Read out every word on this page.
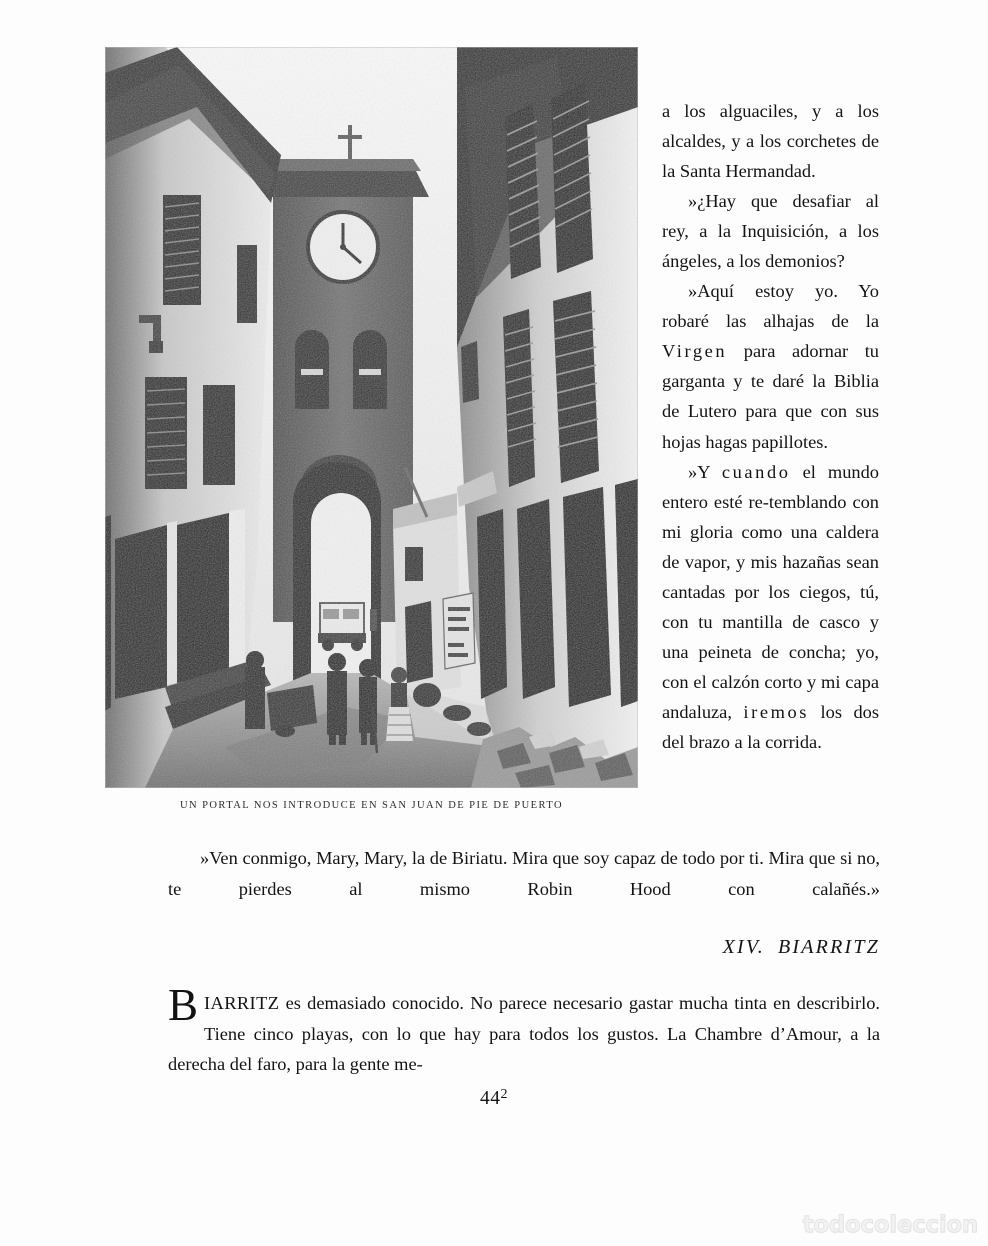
UN PORTAL NOS INTRODUCE EN SAN JUAN DE PIE DE PUERTO

a los alguaciles, y a los alcaldes, y a los corchetes de la Santa Hermandad.

»¿Hay que desafiar al rey, a la Inquisición, a los ángeles, a los demonios?

»Aquí estoy yo. Yo robaré las alhajas de la Virgen para adornar tu garganta y te daré la Biblia de Lutero para que con sus hojas hagas papillotes.

»Y cuando el mundo entero esté re-temblando con mi gloria como una caldera de vapor, y mis hazañas sean cantadas por los ciegos, tú, con tu mantilla de casco y una peineta de concha; yo, con el calzón corto y mi capa andaluza, iremos los dos del brazo a la corrida.

»Ven conmigo, Mary, Mary, la de Biriatu. Mira que soy capaz de todo por ti. Mira que si no, te pierdes al mismo Robin Hood con calañés.»
XIV. BIARRITZ
BIARRITZ es demasiado conocido. No parece necesario gastar mucha tinta en describirlo. Tiene cinco playas, con lo que hay para todos los gustos. La Chambre d’Amour, a la derecha del faro, para la gente me-
$44^2$
todocoleccion
